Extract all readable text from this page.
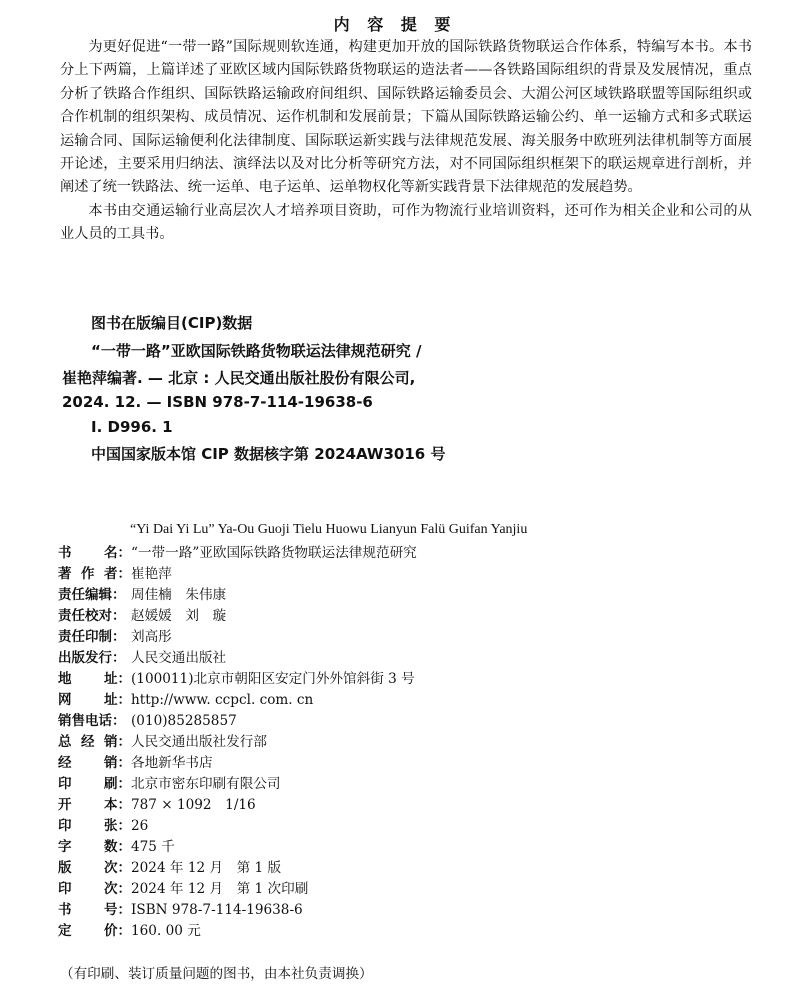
内 容 提 要

为更好促进“一带一路”国际规则软连通，构建更加开放的国际铁路货物联运合作体系，特编写本书。本书分上下两篇，上篇详述了亚欧区域内国际铁路货物联运的造法者——各铁路国际组织的背景及发展情况，重点分析了铁路合作组织、国际铁路运输政府间组织、国际铁路运输委员会、大湄公河区域铁路联盟等国际组织或合作机制的组织架构、成员情况、运作机制和发展前景；下篇从国际铁路运输公约、单一运输方式和多式联运运输合同、国际运输便利化法律制度、国际联运新实践与法律规范发展、海关服务中欧班列法律机制等方面展开论述，主要采用归纳法、演绎法以及对比分析等研究方法，对不同国际组织框架下的联运规章进行剖析，并阐述了统一铁路法、统一运单、电子运单、运单物权化等新实践背景下法律规范的发展趋势。

本书由交通运输行业高层次人才培养项目资助，可作为物流行业培训资料，还可作为相关企业和公司的从业人员的工具书。

图书在版编目(CIP)数据
“一带一路”亚欧国际铁路货物联运法律规范研究 /
崔艳萍编著. — 北京 : 人民交通出版社股份有限公司,
2024. 12. — ISBN 978-7-114-19638-6
Ⅰ. D996. 1
中国国家版本馆 CIP 数据核字第 2024AW3016 号
“Yi Dai Yi Lu” Ya-Ou Guoji Tielu Huowu Lianyun Falü Guifan Yanjiu
书 名 ： “一带一路”亚欧国际铁路货物联运法律规范研究
著 作 者 ： 崔艳萍
责任编辑： 周佳楠　朱伟康
责任校对： 赵媛媛　刘　璇
责任印制： 刘高彤
出版发行： 人民交通出版社
地 址 ： (100011)北京市朝阳区安定门外外馆斜街 3 号
网 址 ： http://www. ccpcl. com. cn
销售电话： (010)85285857
总 经 销 ： 人民交通出版社发行部
经 销 ： 各地新华书店
印 刷 ： 北京市密东印刷有限公司
开 本 ： 787 × 1092　1/16
印 张 ： 26
字 数 ： 475 千
版 次 ： 2024 年 12 月　第 1 版
印 次 ： 2024 年 12 月　第 1 次印刷
书 号 ： ISBN 978-7-114-19638-6
定 价 ： 160. 00 元
（有印刷、装订质量问题的图书，由本社负责调换）
